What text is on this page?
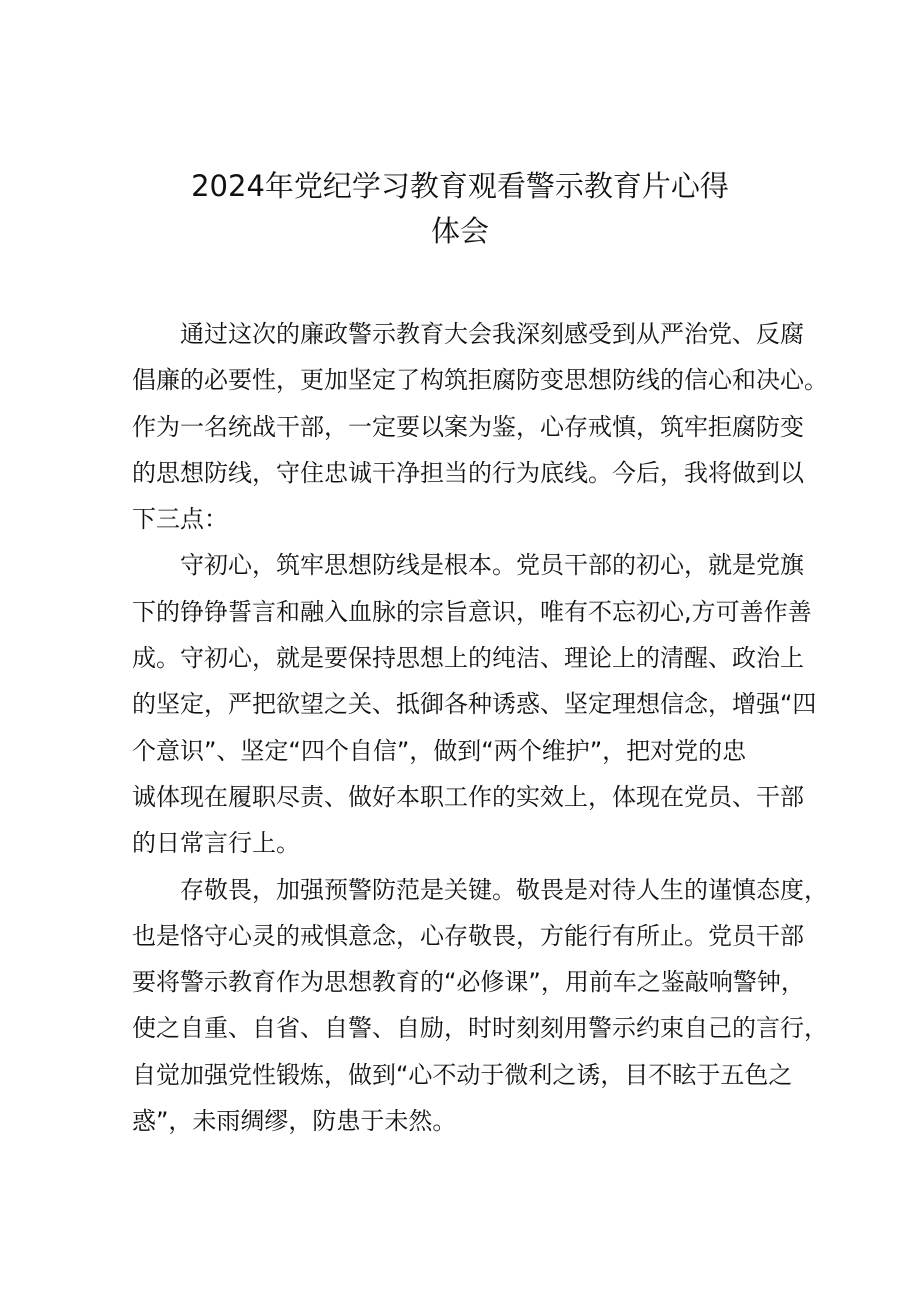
2024年党纪学习教育观看警示教育片心得
体会
通过这次的廉政警示教育大会我深刻感受到从严治党、反腐
倡廉的必要性，更加坚定了构筑拒腐防变思想防线的信心和决心。
作为一名统战干部，一定要以案为鉴，心存戒慎，筑牢拒腐防变
的思想防线，守住忠诚干净担当的行为底线。今后，我将做到以
下三点：
守初心，筑牢思想防线是根本。党员干部的初心，就是党旗
下的铮铮誓言和融入血脉的宗旨意识，唯有不忘初心,方可善作善
成。守初心，就是要保持思想上的纯洁、理论上的清醒、政治上
的坚定，严把欲望之关、抵御各种诱惑、坚定理想信念，增强“四
个意识”、坚定“四个自信”，做到“两个维护”，把对党的忠
诚体现在履职尽责、做好本职工作的实效上，体现在党员、干部
的日常言行上。
存敬畏，加强预警防范是关键。敬畏是对待人生的谨慎态度，
也是恪守心灵的戒惧意念，心存敬畏，方能行有所止。党员干部
要将警示教育作为思想教育的“必修课”，用前车之鉴敲响警钟，
使之自重、自省、自警、自励，时时刻刻用警示约束自己的言行，
自觉加强党性锻炼，做到“心不动于微利之诱，目不眩于五色之
惑”，未雨绸缪，防患于未然。
